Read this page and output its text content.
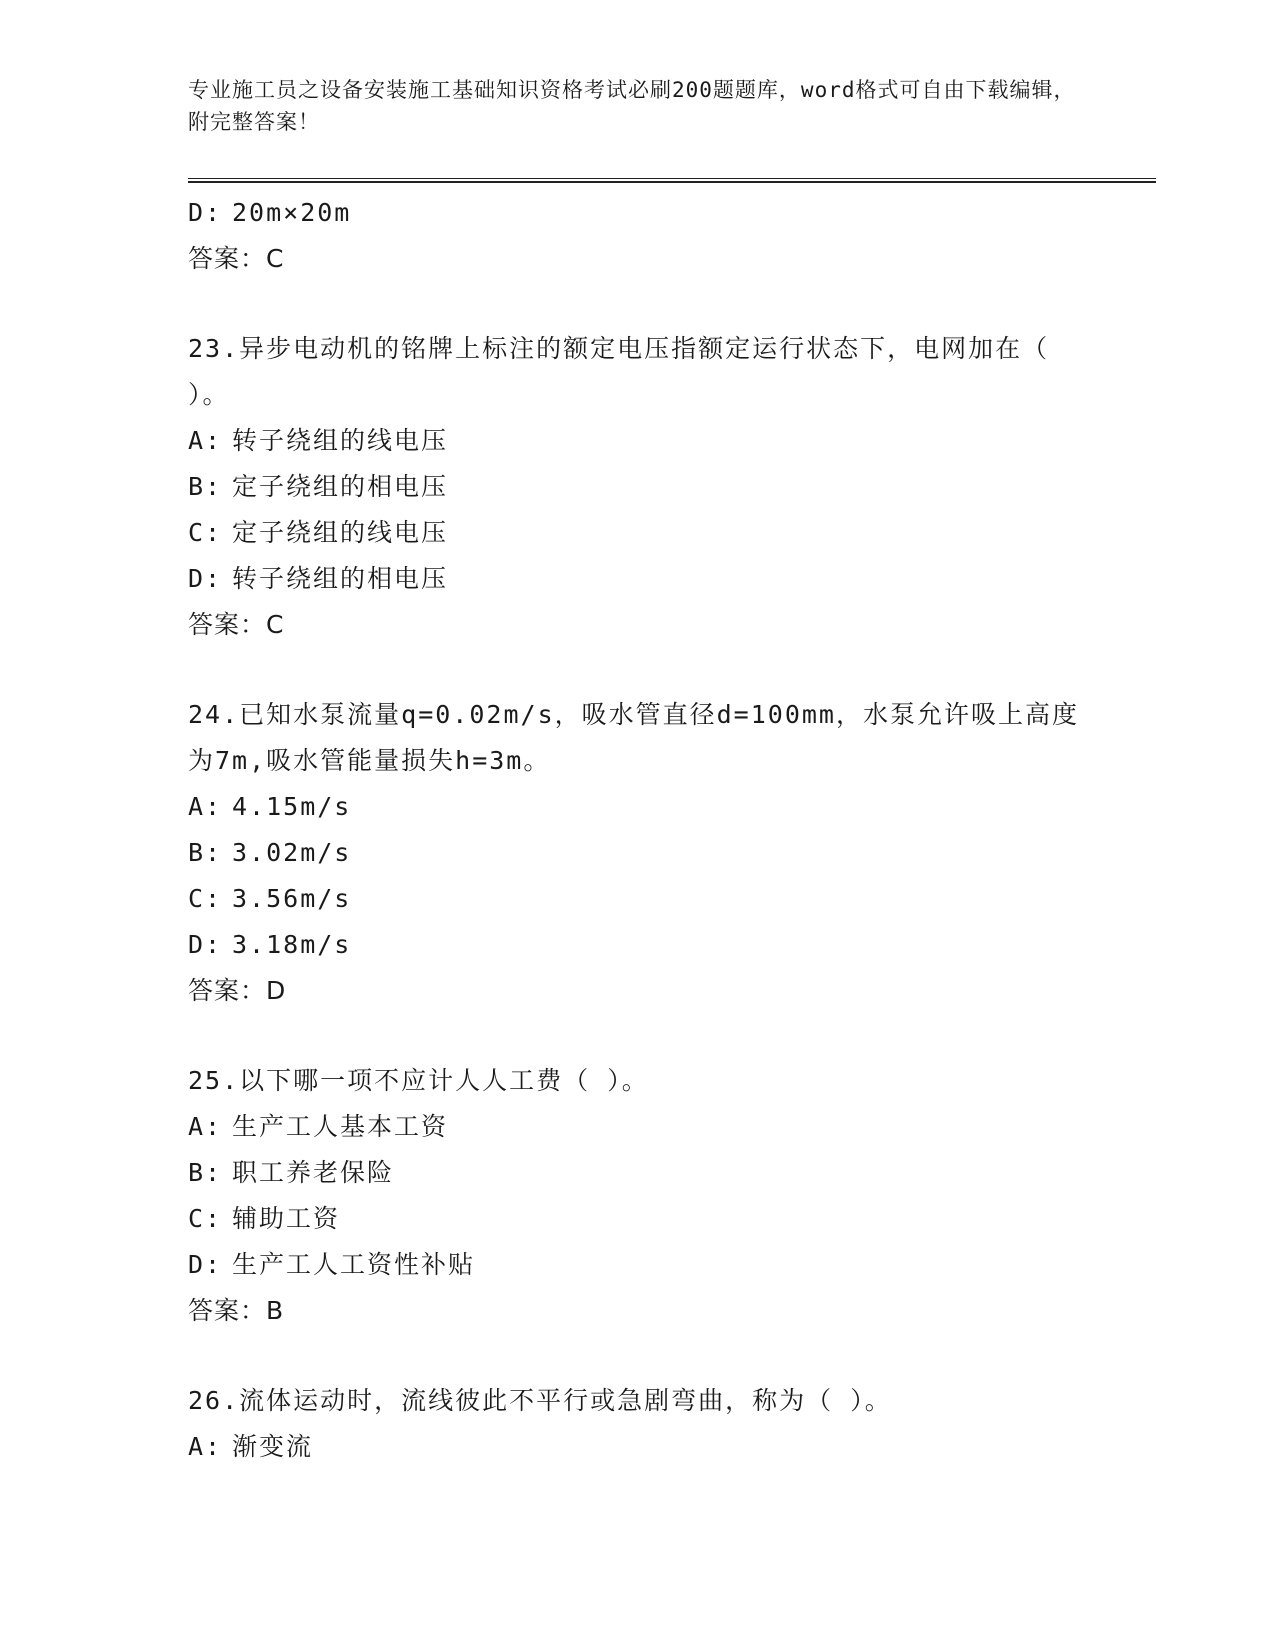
专业施工员之设备安装施工基础知识资格考试必刷200题题库，word格式可自由下载编辑，附完整答案！
D: 20m×20m
答案：C
23.异步电动机的铭牌上标注的额定电压指额定运行状态下，电网加在（ ）。
A: 转子绕组的线电压
B: 定子绕组的相电压
C: 定子绕组的线电压
D: 转子绕组的相电压
答案：C
24.已知水泵流量q=0.02m/s，吸水管直径d=100mm，水泵允许吸上高度为7m,吸水管能量损失h=3m。
A: 4.15m/s
B: 3.02m/s
C: 3.56m/s
D: 3.18m/s
答案：D
25.以下哪一项不应计人人工费（ ）。
A: 生产工人基本工资
B: 职工养老保险
C: 辅助工资
D: 生产工人工资性补贴
答案：B
26.流体运动时，流线彼此不平行或急剧弯曲，称为（ ）。
A: 渐变流
